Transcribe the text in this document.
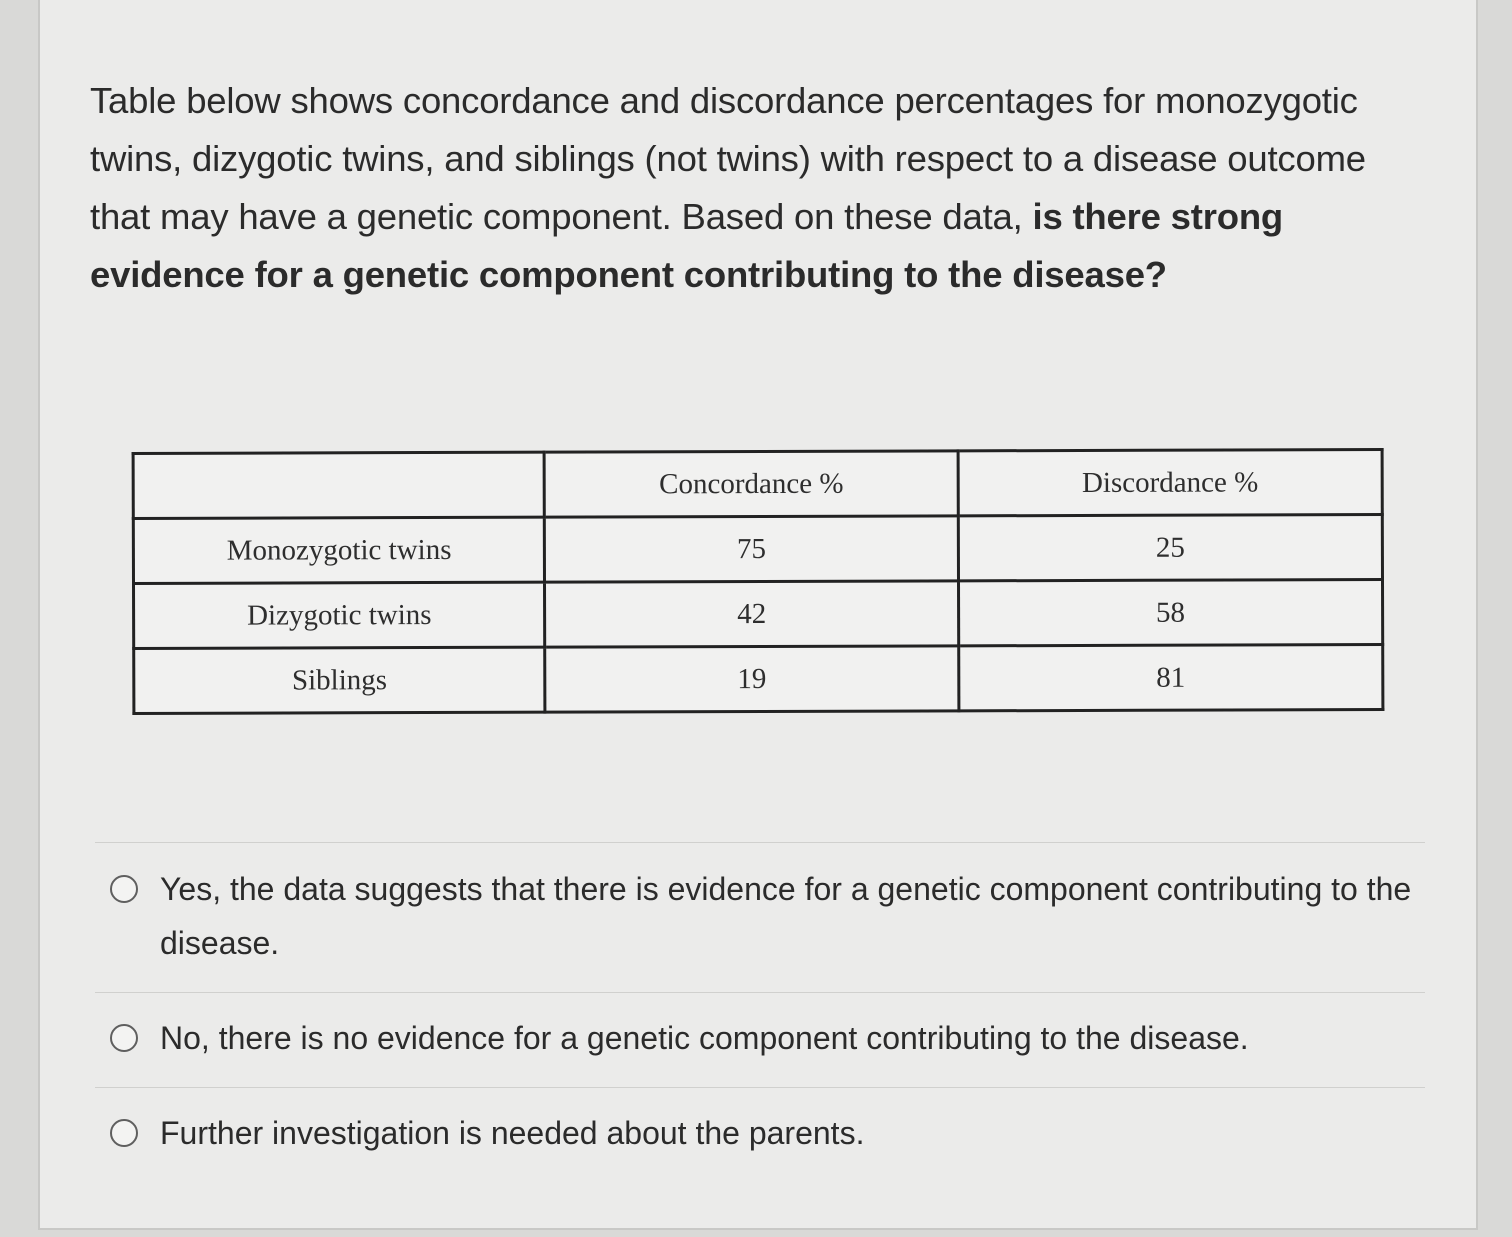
Table below shows concordance and discordance percentages for monozygotic twins, dizygotic twins, and siblings (not twins) with respect to a disease outcome that may have a genetic component. Based on these data, is there strong evidence for a genetic component contributing to the disease?
	Concordance %	Discordance %
Monozygotic twins	75	25
Dizygotic twins	42	58
Siblings	19	81
Yes, the data suggests that there is evidence for a genetic component contributing to the disease.
No, there is no evidence for a genetic component contributing to the disease.
Further investigation is needed about the parents.
